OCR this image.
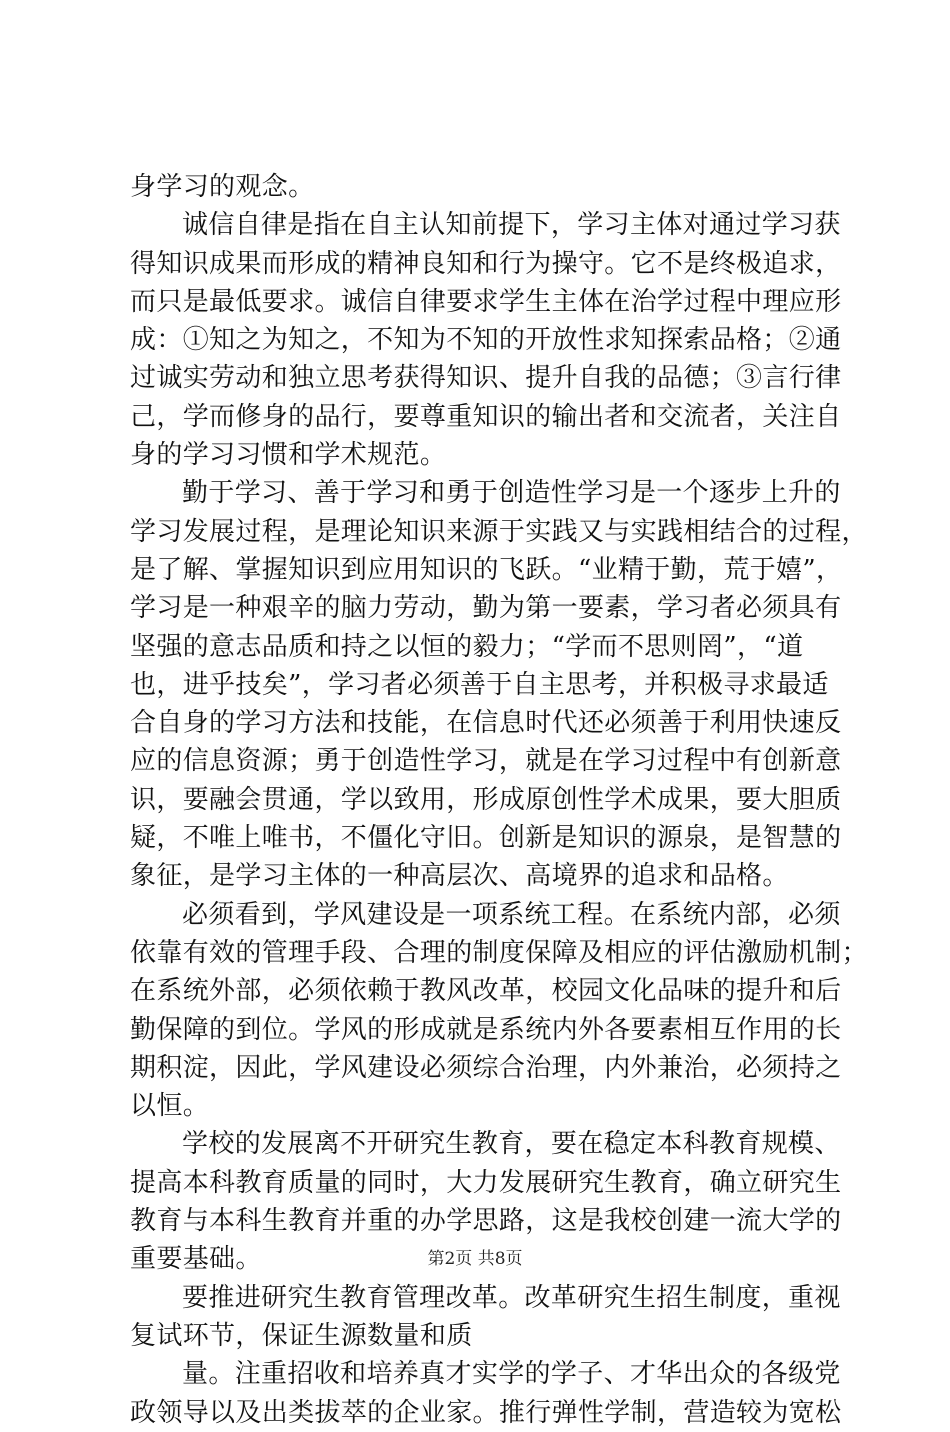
身学习的观念。
诚信自律是指在自主认知前提下，学习主体对通过学习获
得知识成果而形成的精神良知和行为操守。它不是终极追求，
而只是最低要求。诚信自律要求学生主体在治学过程中理应形
成：①知之为知之，不知为不知的开放性求知探索品格；②通
过诚实劳动和独立思考获得知识、提升自我的品德；③言行律
己，学而修身的品行，要尊重知识的输出者和交流者，关注自
身的学习习惯和学术规范。
勤于学习、善于学习和勇于创造性学习是一个逐步上升的
学习发展过程，是理论知识来源于实践又与实践相结合的过程，
是了解、掌握知识到应用知识的飞跃。“业精于勤，荒于嬉”，
学习是一种艰辛的脑力劳动，勤为第一要素，学习者必须具有
坚强的意志品质和持之以恒的毅力；“学而不思则罔”，“道
也，进乎技矣”，学习者必须善于自主思考，并积极寻求最适
合自身的学习方法和技能，在信息时代还必须善于利用快速反
应的信息资源；勇于创造性学习，就是在学习过程中有创新意
识，要融会贯通，学以致用，形成原创性学术成果，要大胆质
疑，不唯上唯书，不僵化守旧。创新是知识的源泉，是智慧的
象征，是学习主体的一种高层次、高境界的追求和品格。
必须看到，学风建设是一项系统工程。在系统内部，必须
依靠有效的管理手段、合理的制度保障及相应的评估激励机制；
在系统外部，必须依赖于教风改革，校园文化品味的提升和后
勤保障的到位。学风的形成就是系统内外各要素相互作用的长
期积淀，因此，学风建设必须综合治理，内外兼治，必须持之
以恒。
学校的发展离不开研究生教育，要在稳定本科教育规模、
提高本科教育质量的同时，大力发展研究生教育，确立研究生
教育与本科生教育并重的办学思路，这是我校创建一流大学的
重要基础。
要推进研究生教育管理改革。改革研究生招生制度，重视
复试环节，保证生源数量和质
量。注重招收和培养真才实学的学子、才华出众的各级党
政领导以及出类拔萃的企业家。推行弹性学制，营造较为宽松
第2页 共8页
